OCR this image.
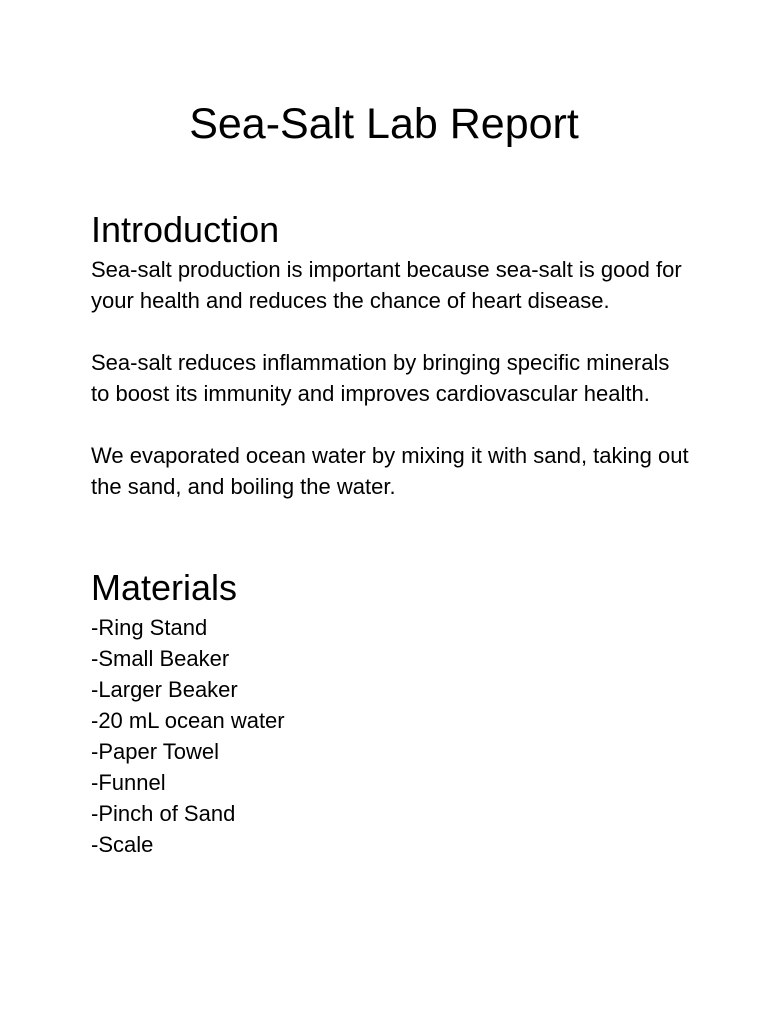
Sea-Salt Lab Report
Introduction

Sea-salt production is important because sea-salt is good for your health and reduces the chance of heart disease.

Sea-salt reduces inflammation by bringing specific minerals to boost its immunity and improves cardiovascular health.

We evaporated ocean water by mixing it with sand, taking out the sand, and boiling the water.

Materials
-Ring Stand
-Small Beaker
-Larger Beaker
-20 mL ocean water
-Paper Towel
-Funnel
-Pinch of Sand
-Scale
